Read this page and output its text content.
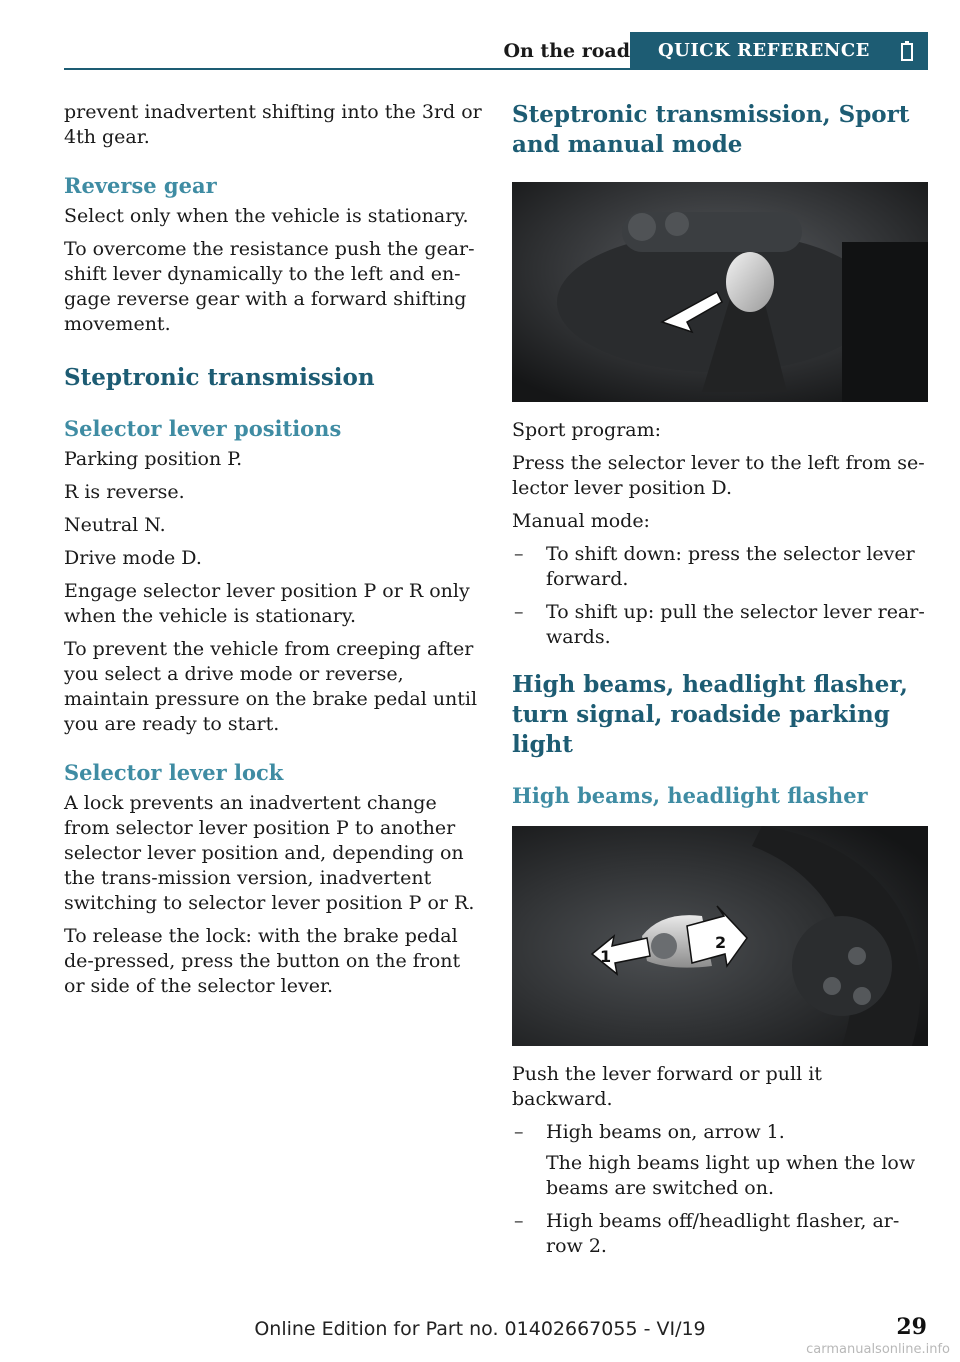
On the road QUICK REFERENCE

prevent inadvertent shifting into the 3rd or 4th gear.

Reverse gear

Select only when the vehicle is stationary.

To overcome the resistance push the gear-shift lever dynamically to the left and en-gage reverse gear with a forward shifting movement.

Steptronic transmission
Selector lever positions

Parking position P.

R is reverse.

Neutral N.

Drive mode D.

Engage selector lever position P or R only when the vehicle is stationary.

To prevent the vehicle from creeping after you select a drive mode or reverse, maintain pressure on the brake pedal until you are ready to start.

Selector lever lock

A lock prevents an inadvertent change from selector lever position P to another selector lever position and, depending on the trans-mission version, inadvertent switching to selector lever position P or R.

To release the lock: with the brake pedal de-pressed, press the button on the front or side of the selector lever.

Steptronic transmission, Sport and manual mode

Sport program:

Press the selector lever to the left from se-lector lever position D.

Manual mode:

– To shift down: press the selector lever forward.
– To shift up: pull the selector lever rear-wards.
High beams, headlight flasher, turn signal, roadside parking light
High beams, headlight flasher
1
2

Push the lever forward or pull it backward.

– High beams on, arrow 1.
The high beams light up when the low beams are switched on.
– High beams off/headlight flasher, ar-row 2.
Online Edition for Part no. 01402667055 - VI/19	29
carmanualsonline.info
